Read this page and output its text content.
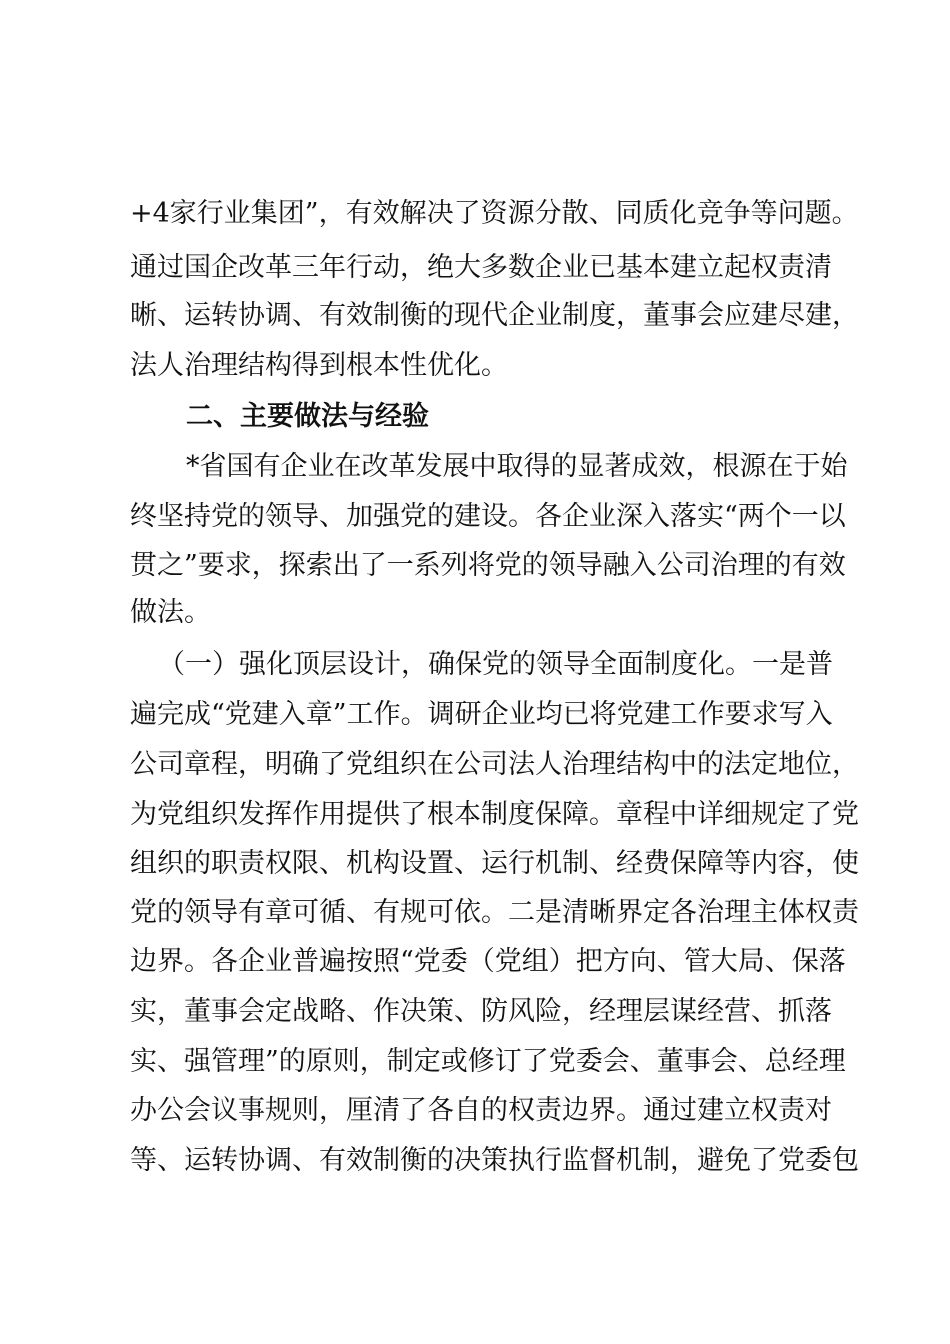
+4家行业集团”，有效解决了资源分散、同质化竞争等问题。
通过国企改革三年行动，绝大多数企业已基本建立起权责清
晰、运转协调、有效制衡的现代企业制度，董事会应建尽建，
法人治理结构得到根本性优化。
二、主要做法与经验
*省国有企业在改革发展中取得的显著成效，根源在于始
终坚持党的领导、加强党的建设。各企业深入落实“两个一以
贯之”要求，探索出了一系列将党的领导融入公司治理的有效
做法。
（一）强化顶层设计，确保党的领导全面制度化。一是普
遍完成“党建入章”工作。调研企业均已将党建工作要求写入
公司章程，明确了党组织在公司法人治理结构中的法定地位，
为党组织发挥作用提供了根本制度保障。章程中详细规定了党
组织的职责权限、机构设置、运行机制、经费保障等内容，使
党的领导有章可循、有规可依。二是清晰界定各治理主体权责
边界。各企业普遍按照“党委（党组）把方向、管大局、保落
实，董事会定战略、作决策、防风险，经理层谋经营、抓落
实、强管理”的原则，制定或修订了党委会、董事会、总经理
办公会议事规则，厘清了各自的权责边界。通过建立权责对
等、运转协调、有效制衡的决策执行监督机制，避免了党委包
